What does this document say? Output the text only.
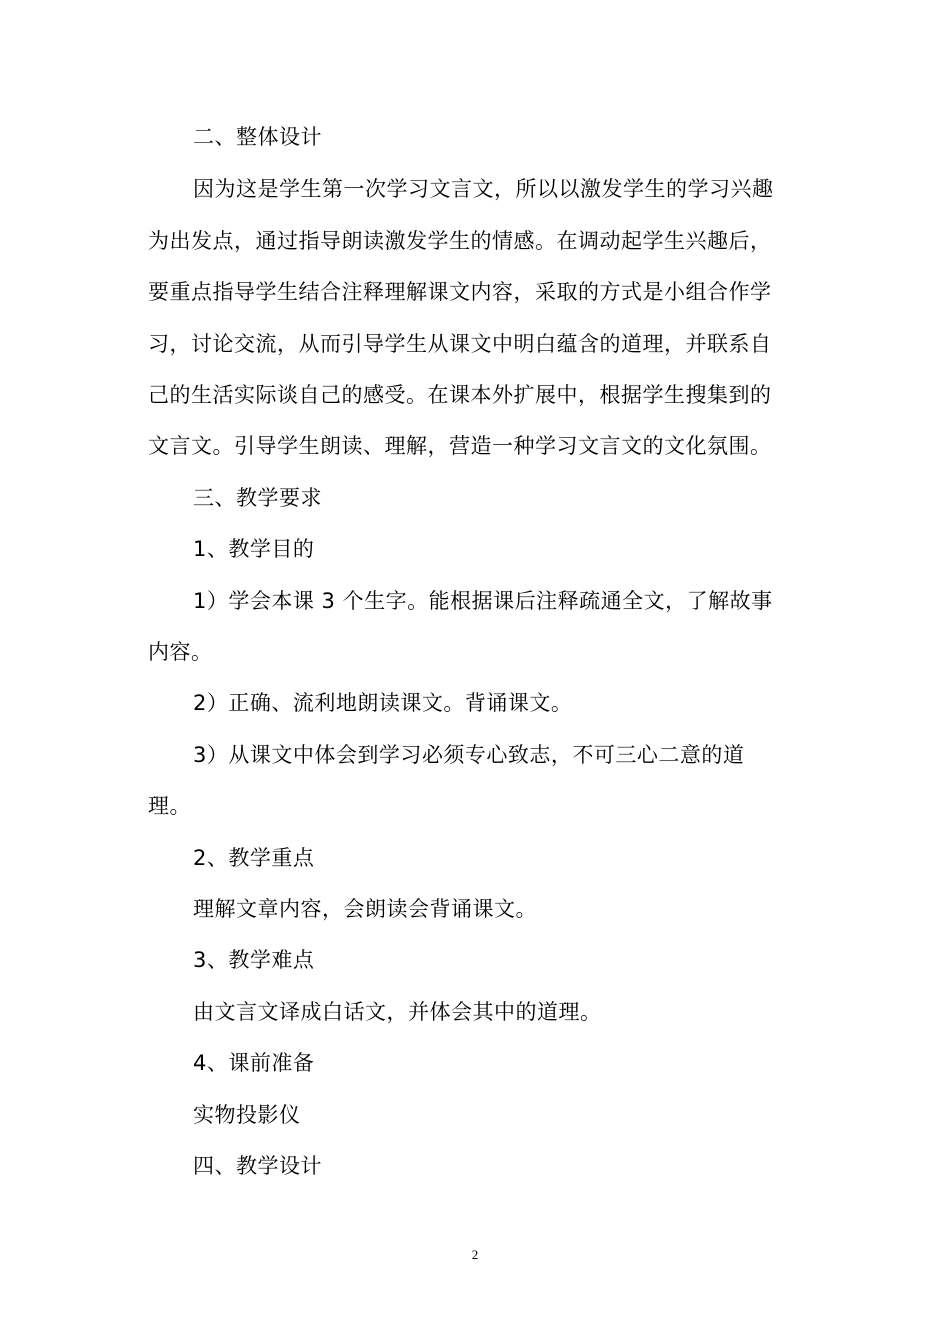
二、整体设计
因为这是学生第一次学习文言文，所以以激发学生的学习兴趣
为出发点，通过指导朗读激发学生的情感。在调动起学生兴趣后，
要重点指导学生结合注释理解课文内容，采取的方式是小组合作学
习，讨论交流，从而引导学生从课文中明白蕴含的道理，并联系自
己的生活实际谈自己的感受。在课本外扩展中，根据学生搜集到的
文言文。引导学生朗读、理解，营造一种学习文言文的文化氛围。
三、教学要求
1、教学目的
1）学会本课 3 个生字。能根据课后注释疏通全文，了解故事
内容。
2）正确、流利地朗读课文。背诵课文。
3）从课文中体会到学习必须专心致志，不可三心二意的道
理。
2、教学重点
理解文章内容，会朗读会背诵课文。
3、教学难点
由文言文译成白话文，并体会其中的道理。
4、课前准备
实物投影仪
四、教学设计
2
